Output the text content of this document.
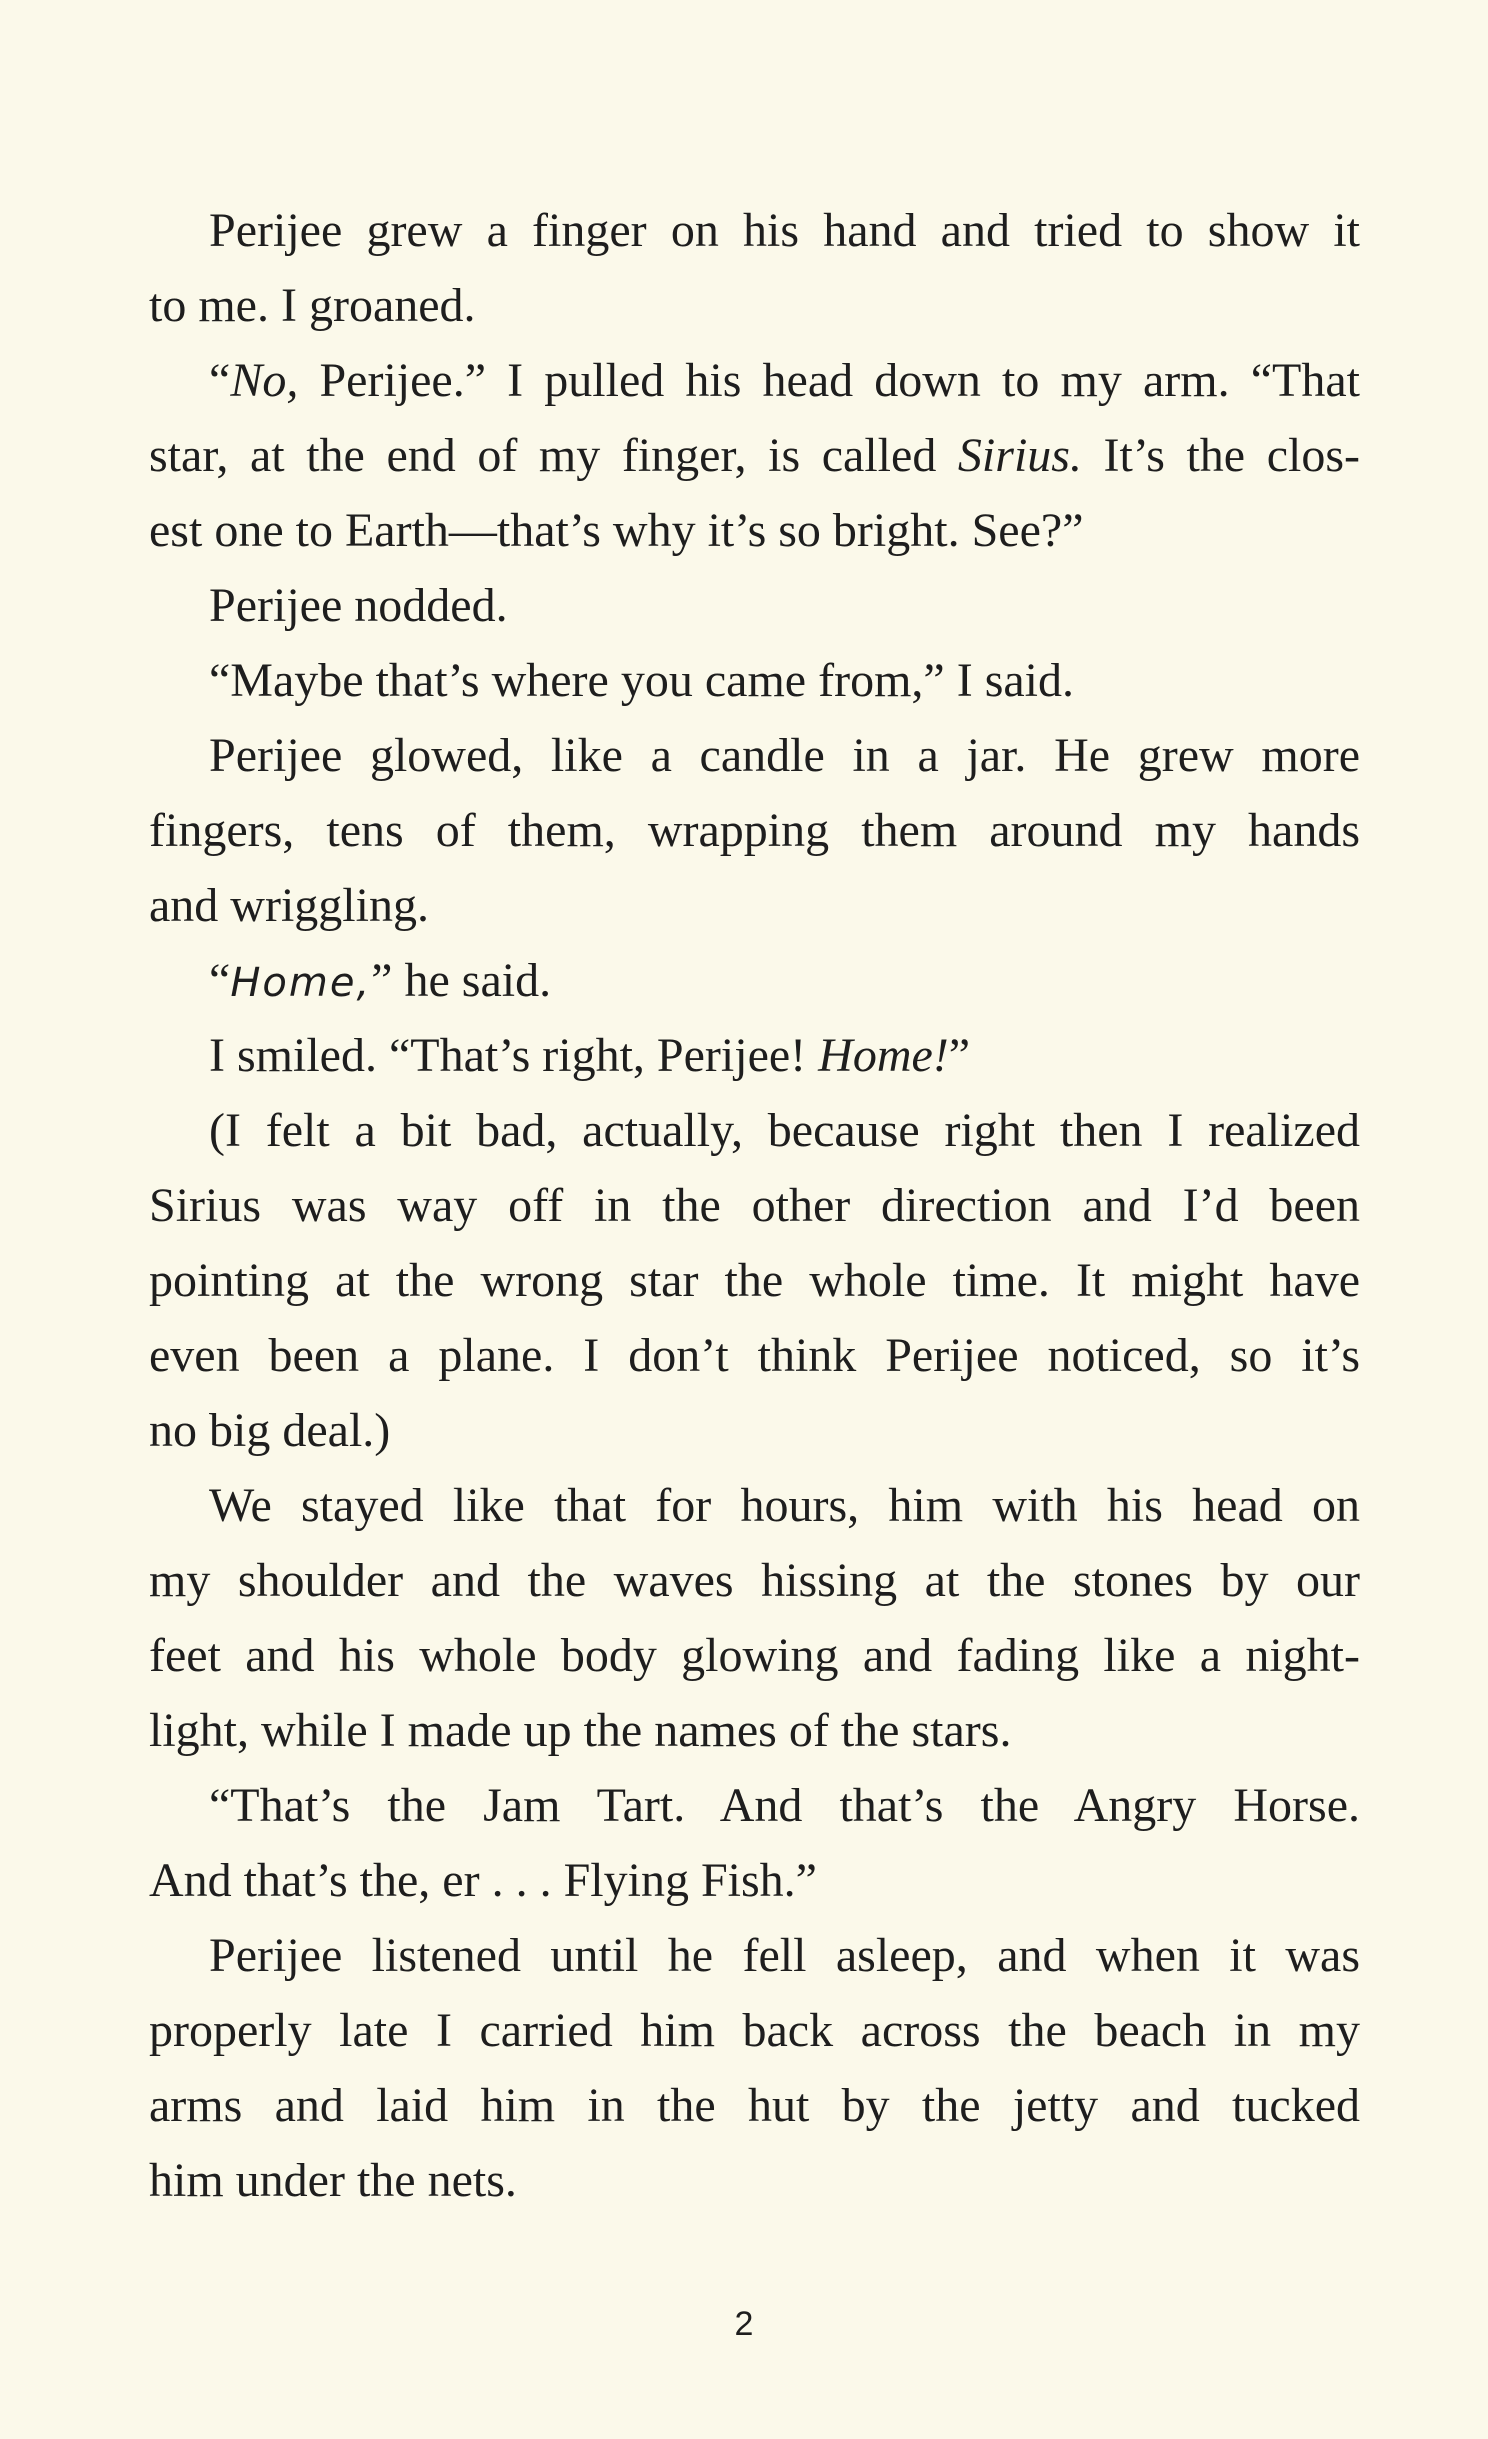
Perijee grew a finger on his hand and tried to show it
to me. I groaned.
“No, Perijee.” I pulled his head down to my arm. “That
star, at the end of my finger, is called Sirius. It’s the clos-
est one to Earth—that’s why it’s so bright. See?”
Perijee nodded.
“Maybe that’s where you came from,” I said.
Perijee glowed, like a candle in a jar. He grew more
fingers, tens of them, wrapping them around my hands
and wriggling.
“Home,” he said.
I smiled. “That’s right, Perijee! Home!”
(I felt a bit bad, actually, because right then I realized
Sirius was way off in the other direction and I’d been
pointing at the wrong star the whole time. It might have
even been a plane. I don’t think Perijee noticed, so it’s
no big deal.)
We stayed like that for hours, him with his head on
my shoulder and the waves hissing at the stones by our
feet and his whole body glowing and fading like a night-
light, while I made up the names of the stars.
“That’s the Jam Tart. And that’s the Angry Horse.
And that’s the, er . . . Flying Fish.”
Perijee listened until he fell asleep, and when it was
properly late I carried him back across the beach in my
arms and laid him in the hut by the jetty and tucked
him under the nets.
2
